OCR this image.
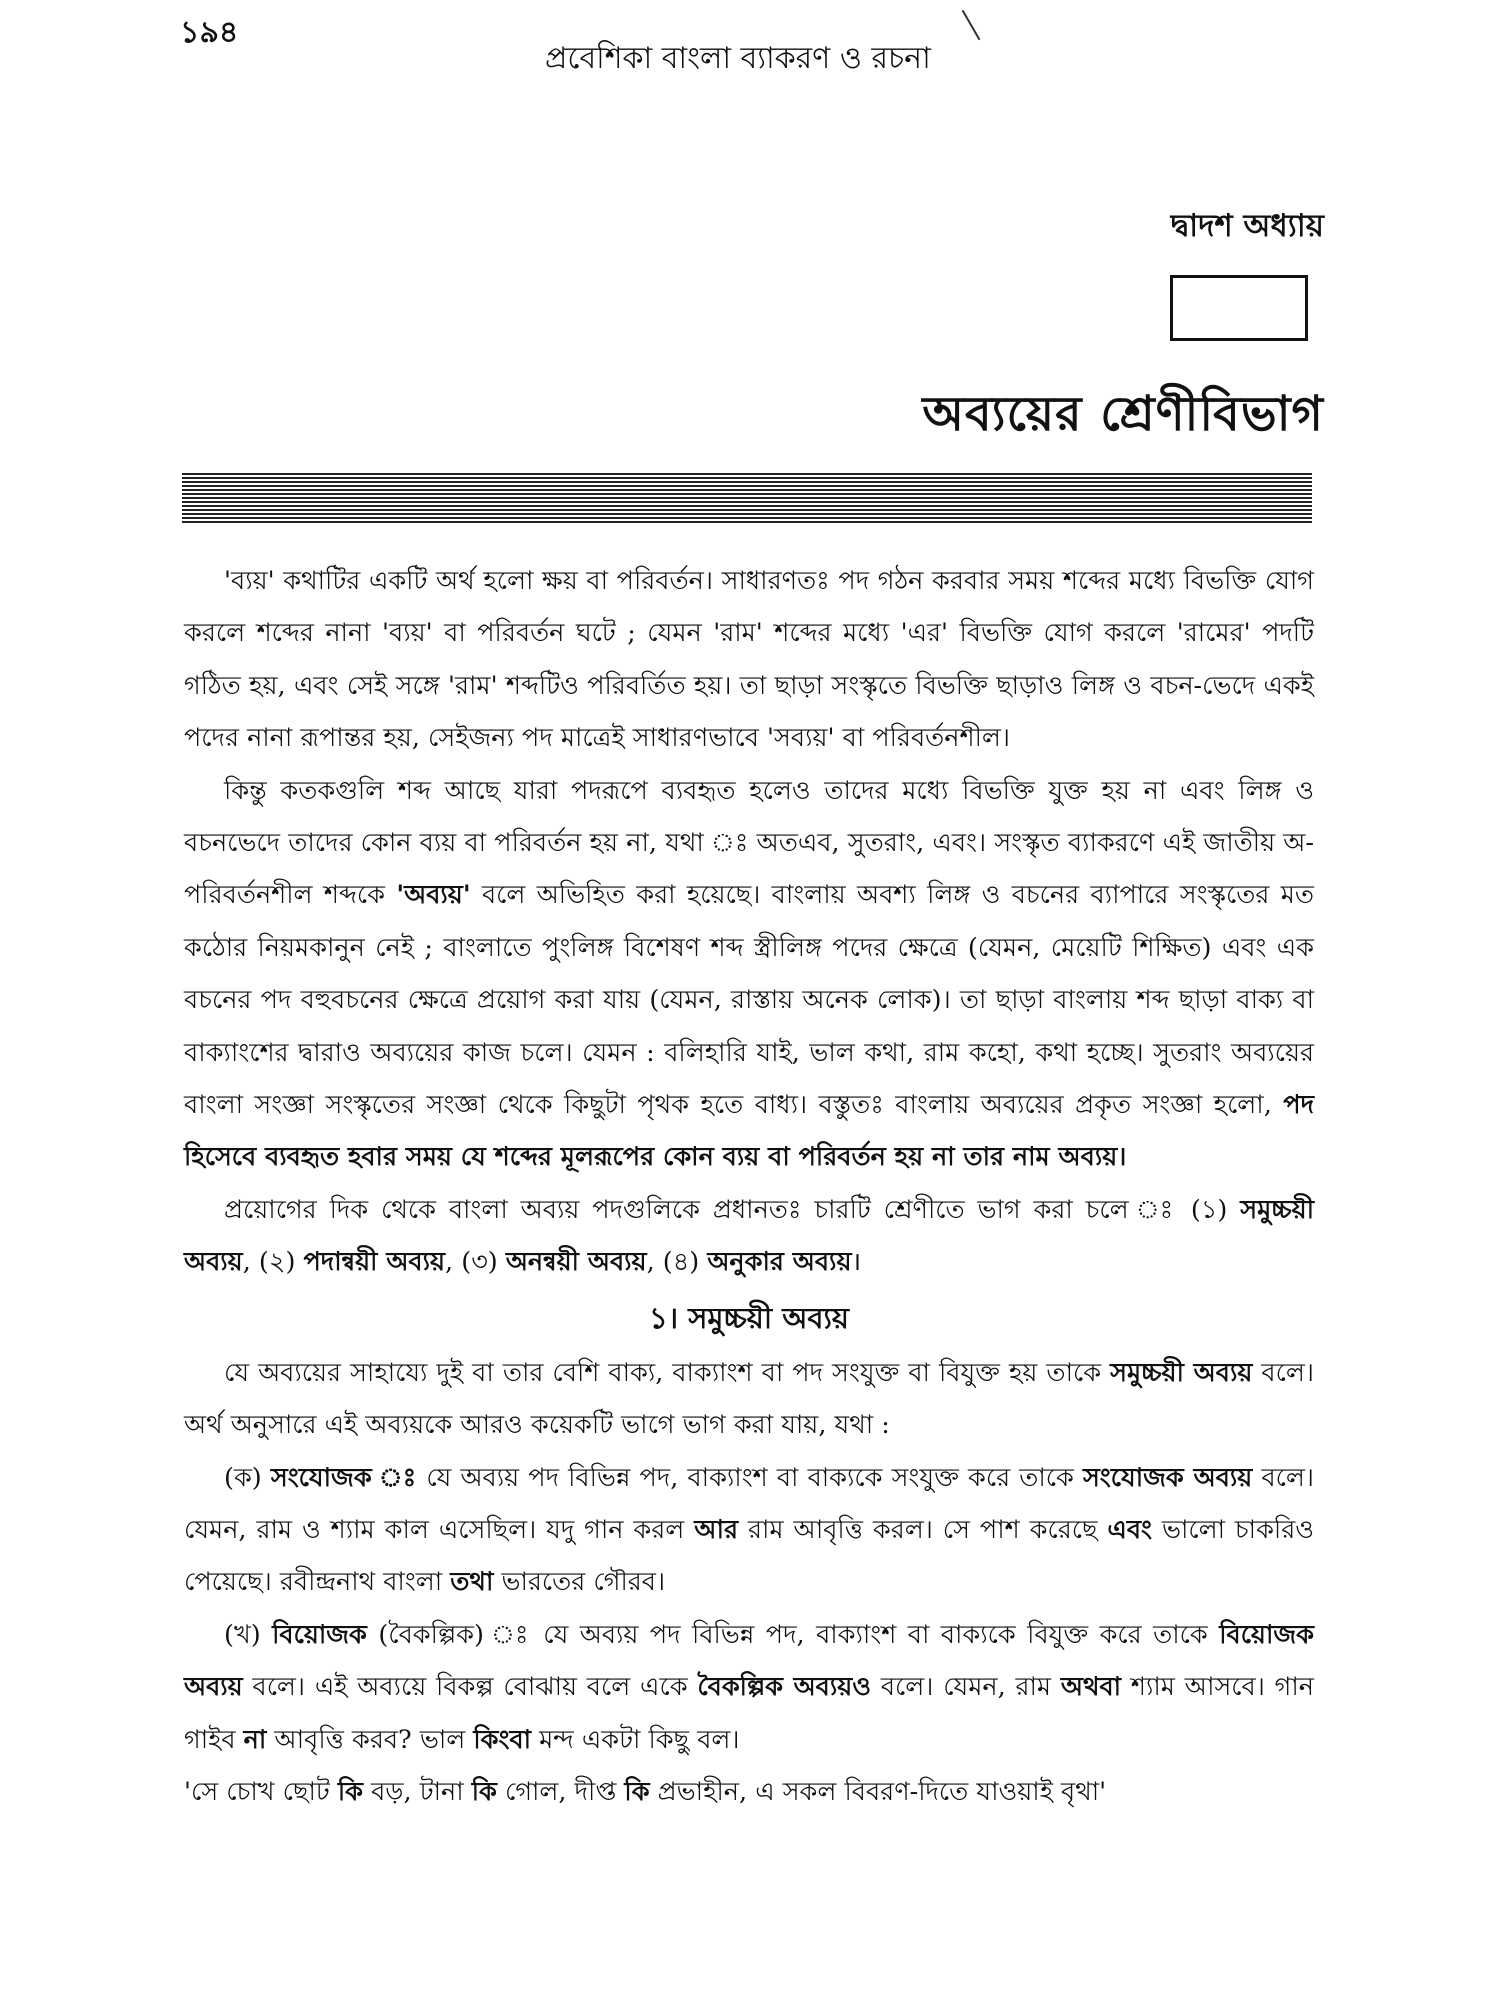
১৯৪
প্রবেশিকা বাংলা ব্যাকরণ ও রচনা
দ্বাদশ অধ্যায়
অব্যয়ের শ্রেণীবিভাগ

'ব্যয়' কথাটির একটি অর্থ হলো ক্ষয় বা পরিবর্তন। সাধারণতঃ পদ গঠন করবার সময় শব্দের মধ্যে বিভক্তি যোগ করলে শব্দের নানা 'ব্যয়' বা পরিবর্তন ঘটে ; যেমন 'রাম' শব্দের মধ্যে 'এর' বিভক্তি যোগ করলে 'রামের' পদটি গঠিত হয়, এবং সেই সঙ্গে 'রাম' শব্দটিও পরিবর্তিত হয়। তা ছাড়া সংস্কৃতে বিভক্তি ছাড়াও লিঙ্গ ও বচন-ভেদে একই পদের নানা রূপান্তর হয়, সেইজন্য পদ মাত্রেই সাধারণভাবে 'সব্যয়' বা পরিবর্তনশীল।

কিন্তু কতকগুলি শব্দ আছে যারা পদরূপে ব্যবহৃত হলেও তাদের মধ্যে বিভক্তি যুক্ত হয় না এবং লিঙ্গ ও বচনভেদে তাদের কোন ব্যয় বা পরিবর্তন হয় না, যথা ঃ অতএব, সুতরাং, এবং। সংস্কৃত ব্যাকরণে এই জাতীয় অ-পরিবর্তনশীল শব্দকে 'অব্যয়' বলে অভিহিত করা হয়েছে। বাংলায় অবশ্য লিঙ্গ ও বচনের ব্যাপারে সংস্কৃতের মত কঠোর নিয়মকানুন নেই ; বাংলাতে পুংলিঙ্গ বিশেষণ শব্দ স্ত্রীলিঙ্গ পদের ক্ষেত্রে (যেমন, মেয়েটি শিক্ষিত) এবং এক বচনের পদ বহুবচনের ক্ষেত্রে প্রয়োগ করা যায় (যেমন, রাস্তায় অনেক লোক)। তা ছাড়া বাংলায় শব্দ ছাড়া বাক্য বা বাক্যাংশের দ্বারাও অব্যয়ের কাজ চলে। যেমন : বলিহারি যাই, ভাল কথা, রাম কহো, কথা হচ্ছে। সুতরাং অব্যয়ের বাংলা সংজ্ঞা সংস্কৃতের সংজ্ঞা থেকে কিছুটা পৃথক হতে বাধ্য। বস্তুতঃ বাংলায় অব্যয়ের প্রকৃত সংজ্ঞা হলো, পদ হিসেবে ব্যবহৃত হবার সময় যে শব্দের মূলরূপের কোন ব্যয় বা পরিবর্তন হয় না তার নাম অব্যয়।

প্রয়োগের দিক থেকে বাংলা অব্যয় পদগুলিকে প্রধানতঃ চারটি শ্রেণীতে ভাগ করা চলে ঃ (১) সমুচ্চয়ী অব্যয়, (২) পদান্বয়ী অব্যয়, (৩) অনন্বয়ী অব্যয়, (৪) অনুকার অব্যয়।

১। সমুচ্চয়ী অব্যয়

যে অব্যয়ের সাহায্যে দুই বা তার বেশি বাক্য, বাক্যাংশ বা পদ সংযুক্ত বা বিযুক্ত হয় তাকে সমুচ্চয়ী অব্যয় বলে। অর্থ অনুসারে এই অব্যয়কে আরও কয়েকটি ভাগে ভাগ করা যায়, যথা :

(ক) সংযোজক ঃ যে অব্যয় পদ বিভিন্ন পদ, বাক্যাংশ বা বাক্যকে সংযুক্ত করে তাকে সংযোজক অব্যয় বলে। যেমন, রাম ও শ্যাম কাল এসেছিল। যদু গান করল আর রাম আবৃত্তি করল। সে পাশ করেছে এবং ভালো চাকরিও পেয়েছে। রবীন্দ্রনাথ বাংলা তথা ভারতের গৌরব।

(খ) বিয়োজক (বৈকল্পিক) ঃ যে অব্যয় পদ বিভিন্ন পদ, বাক্যাংশ বা বাক্যকে বিযুক্ত করে তাকে বিয়োজক অব্যয় বলে। এই অব্যয়ে বিকল্প বোঝায় বলে একে বৈকল্পিক অব্যয়ও বলে। যেমন, রাম অথবা শ্যাম আসবে। গান গাইব না আবৃত্তি করব? ভাল কিংবা মন্দ একটা কিছু বল।

'সে চোখ ছোট কি বড়, টানা কি গোল, দীপ্ত কি প্রভাহীন, এ সকল বিবরণ-দিতে যাওয়াই বৃথা'
